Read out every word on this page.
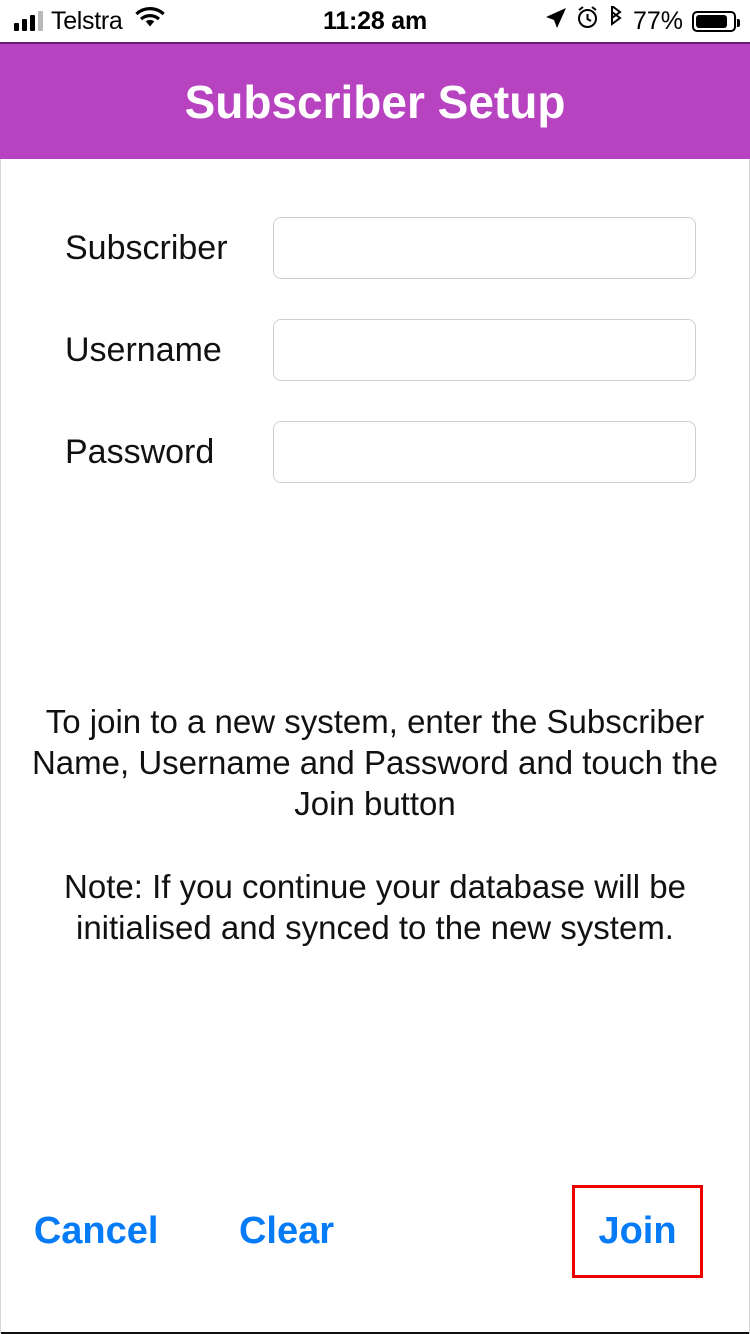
Telstra	11:28 am	77%
Subscriber Setup
Subscriber
Username
Password

To join to a new system, enter the Subscriber Name, Username and Password and touch the Join button

Note: If you continue your database will be initialised and synced to the new system.

Cancel	Clear	Join
